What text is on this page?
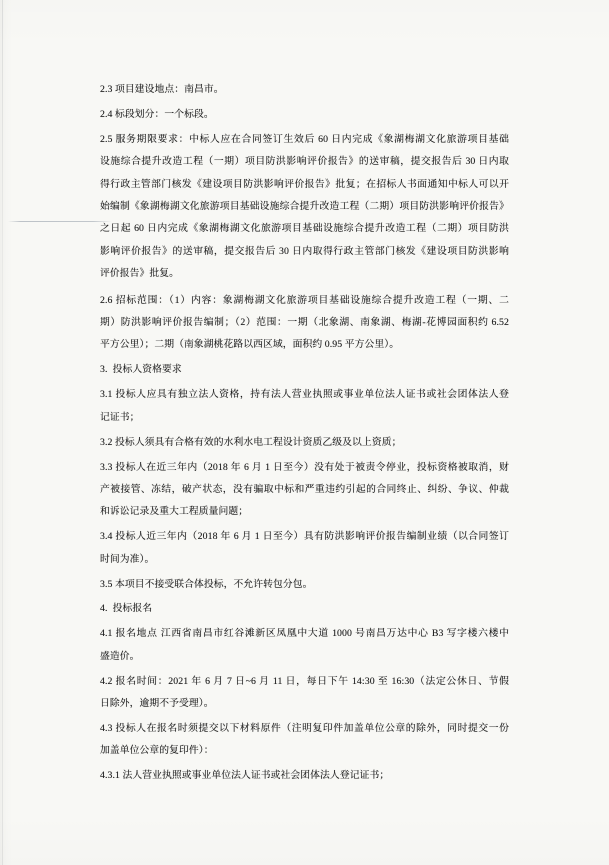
2.3 项目建设地点：南昌市。
2.4 标段划分：一个标段。
2.5 服务期限要求：中标人应在合同签订生效后 60 日内完成《象湖梅湖文化旅游项目基础
设施综合提升改造工程（一期）项目防洪影响评价报告》的送审稿，提交报告后 30 日内取
得行政主管部门核发《建设项目防洪影响评价报告》批复；在招标人书面通知中标人可以开
始编制《象湖梅湖文化旅游项目基础设施综合提升改造工程（二期）项目防洪影响评价报告》
之日起 60 日内完成《象湖梅湖文化旅游项目基础设施综合提升改造工程（二期）项目防洪
影响评价报告》的送审稿，提交报告后 30 日内取得行政主管部门核发《建设项目防洪影响
评价报告》批复。
2.6 招标范围：（1）内容：象湖梅湖文化旅游项目基础设施综合提升改造工程（一期、二
期）防洪影响评价报告编制；（2）范围：一期（北象湖、南象湖、梅湖-花博园面积约 6.52
平方公里）；二期（南象湖桃花路以西区域，面积约 0.95 平方公里）。
3.  投标人资格要求
3.1 投标人应具有独立法人资格，持有法人营业执照或事业单位法人证书或社会团体法人登
记证书；
3.2 投标人须具有合格有效的水利水电工程设计资质乙级及以上资质；
3.3 投标人在近三年内（2018 年 6 月 1 日至今）没有处于被责令停业，投标资格被取消，财
产被接管、冻结，破产状态，没有骗取中标和严重违约引起的合同终止、纠纷、争议、仲裁
和诉讼记录及重大工程质量问题；
3.4 投标人近三年内（2018 年 6 月 1 日至今）具有防洪影响评价报告编制业绩（以合同签订
时间为准）。
3.5 本项目不接受联合体投标，不允许转包分包。
4.  投标报名
4.1 报名地点 江西省南昌市红谷滩新区凤凰中大道 1000 号南昌万达中心 B3 写字楼六楼中
盛造价。
4.2 报名时间：2021 年 6 月 7 日~6 月 11 日，每日下午 14:30 至 16:30（法定公休日、节假
日除外，逾期不予受理）。
4.3 投标人在报名时须提交以下材料原件（注明复印件加盖单位公章的除外，同时提交一份
加盖单位公章的复印件）：
4.3.1 法人营业执照或事业单位法人证书或社会团体法人登记证书；
